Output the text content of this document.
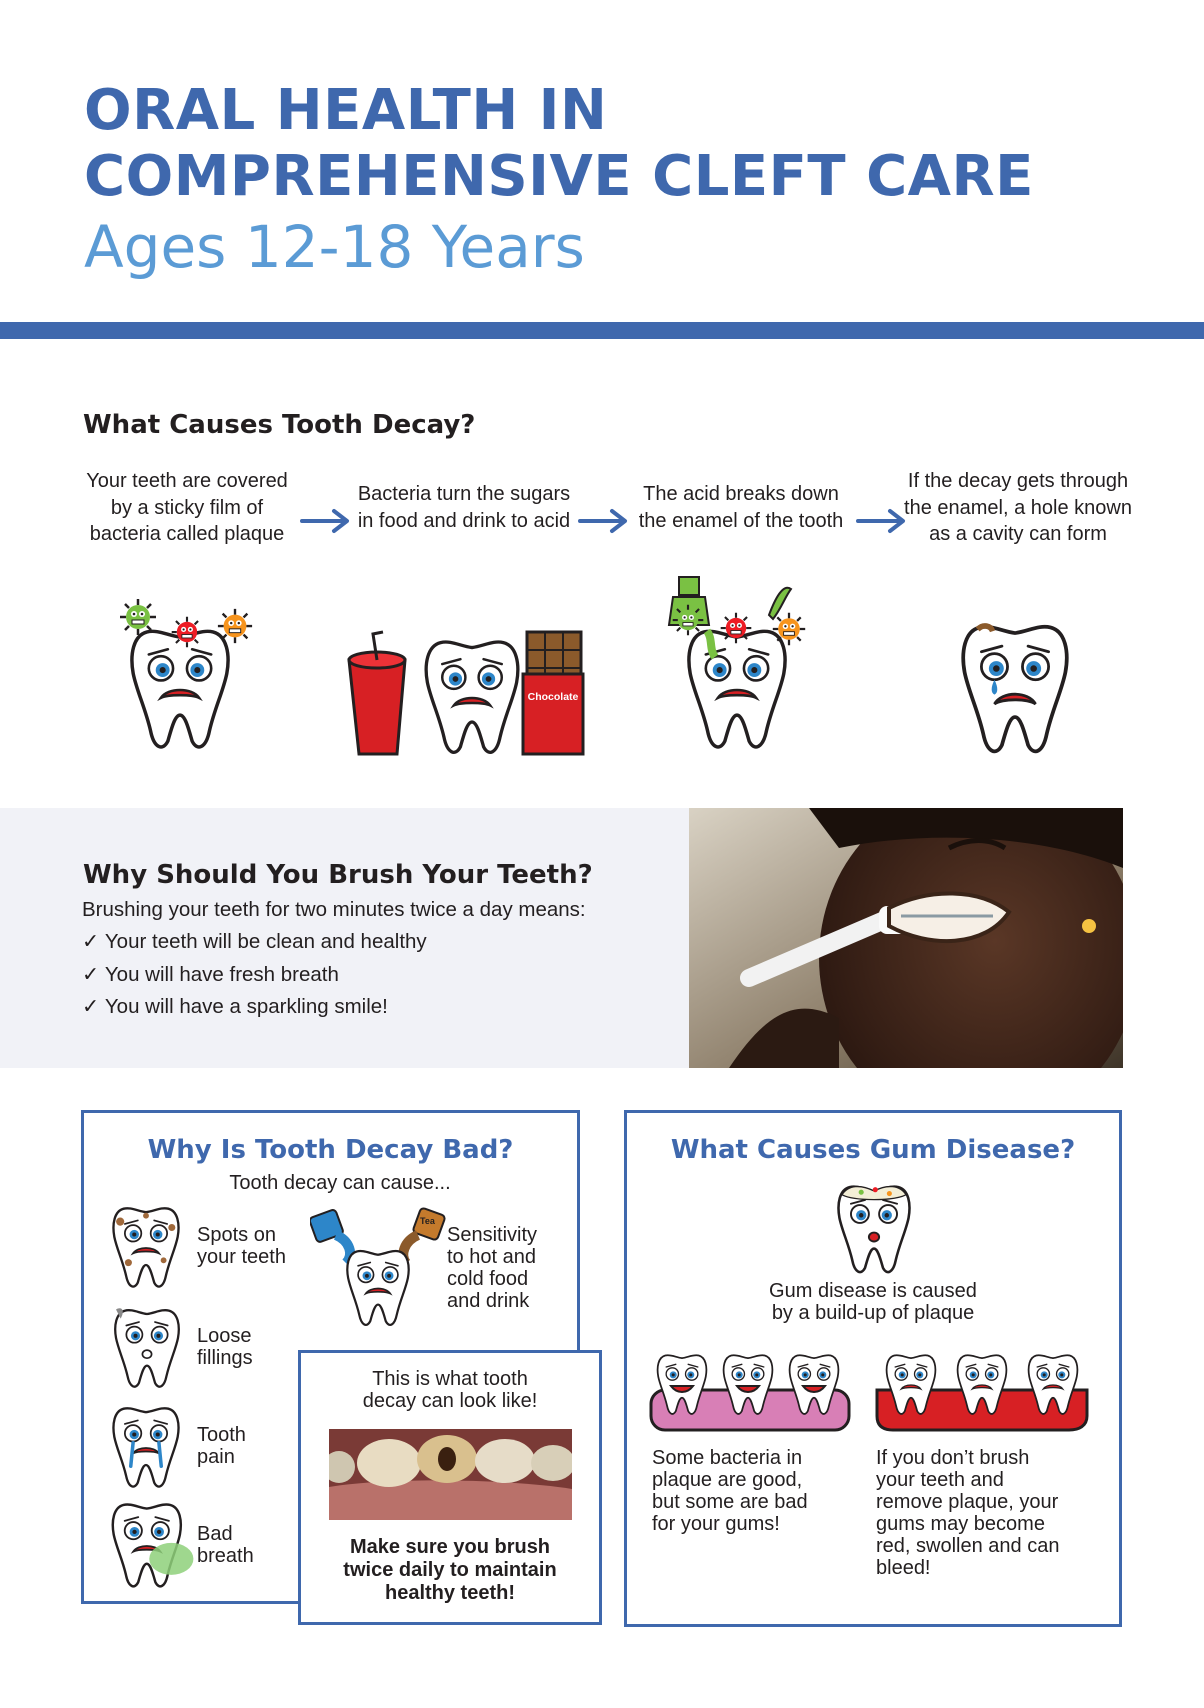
ORAL HEALTH IN
COMPREHENSIVE CLEFT CARE
Ages 12-18 Years
What Causes Tooth Decay?
Your teeth are covered by a sticky film of bacteria called plaque
Bacteria turn the sugars in food and drink to acid
The acid breaks down the enamel of the tooth
If the decay gets through the enamel, a hole known as a cavity can form
Chocolate
Why Should You Brush Your Teeth?
Brushing your teeth for two minutes twice a day means:
✓ Your teeth will be clean and healthy
✓ You will have fresh breath
✓ You will have a sparkling smile!
Why Is Tooth Decay Bad?
Tooth decay can cause...
Spots on
your teeth
Loose
fillings
Tooth
pain
Bad
breath
Tea
Sensitivity
to hot and
cold food
and drink
This is what tooth
decay can look like!
Make sure you brush
twice daily to maintain
healthy teeth!
What Causes Gum Disease?
Gum disease is caused
by a build-up of plaque
Some bacteria in
plaque are good,
but some are bad
for your gums!
If you don’t brush
your teeth and
remove plaque, your
gums may become
red, swollen and can
bleed!
